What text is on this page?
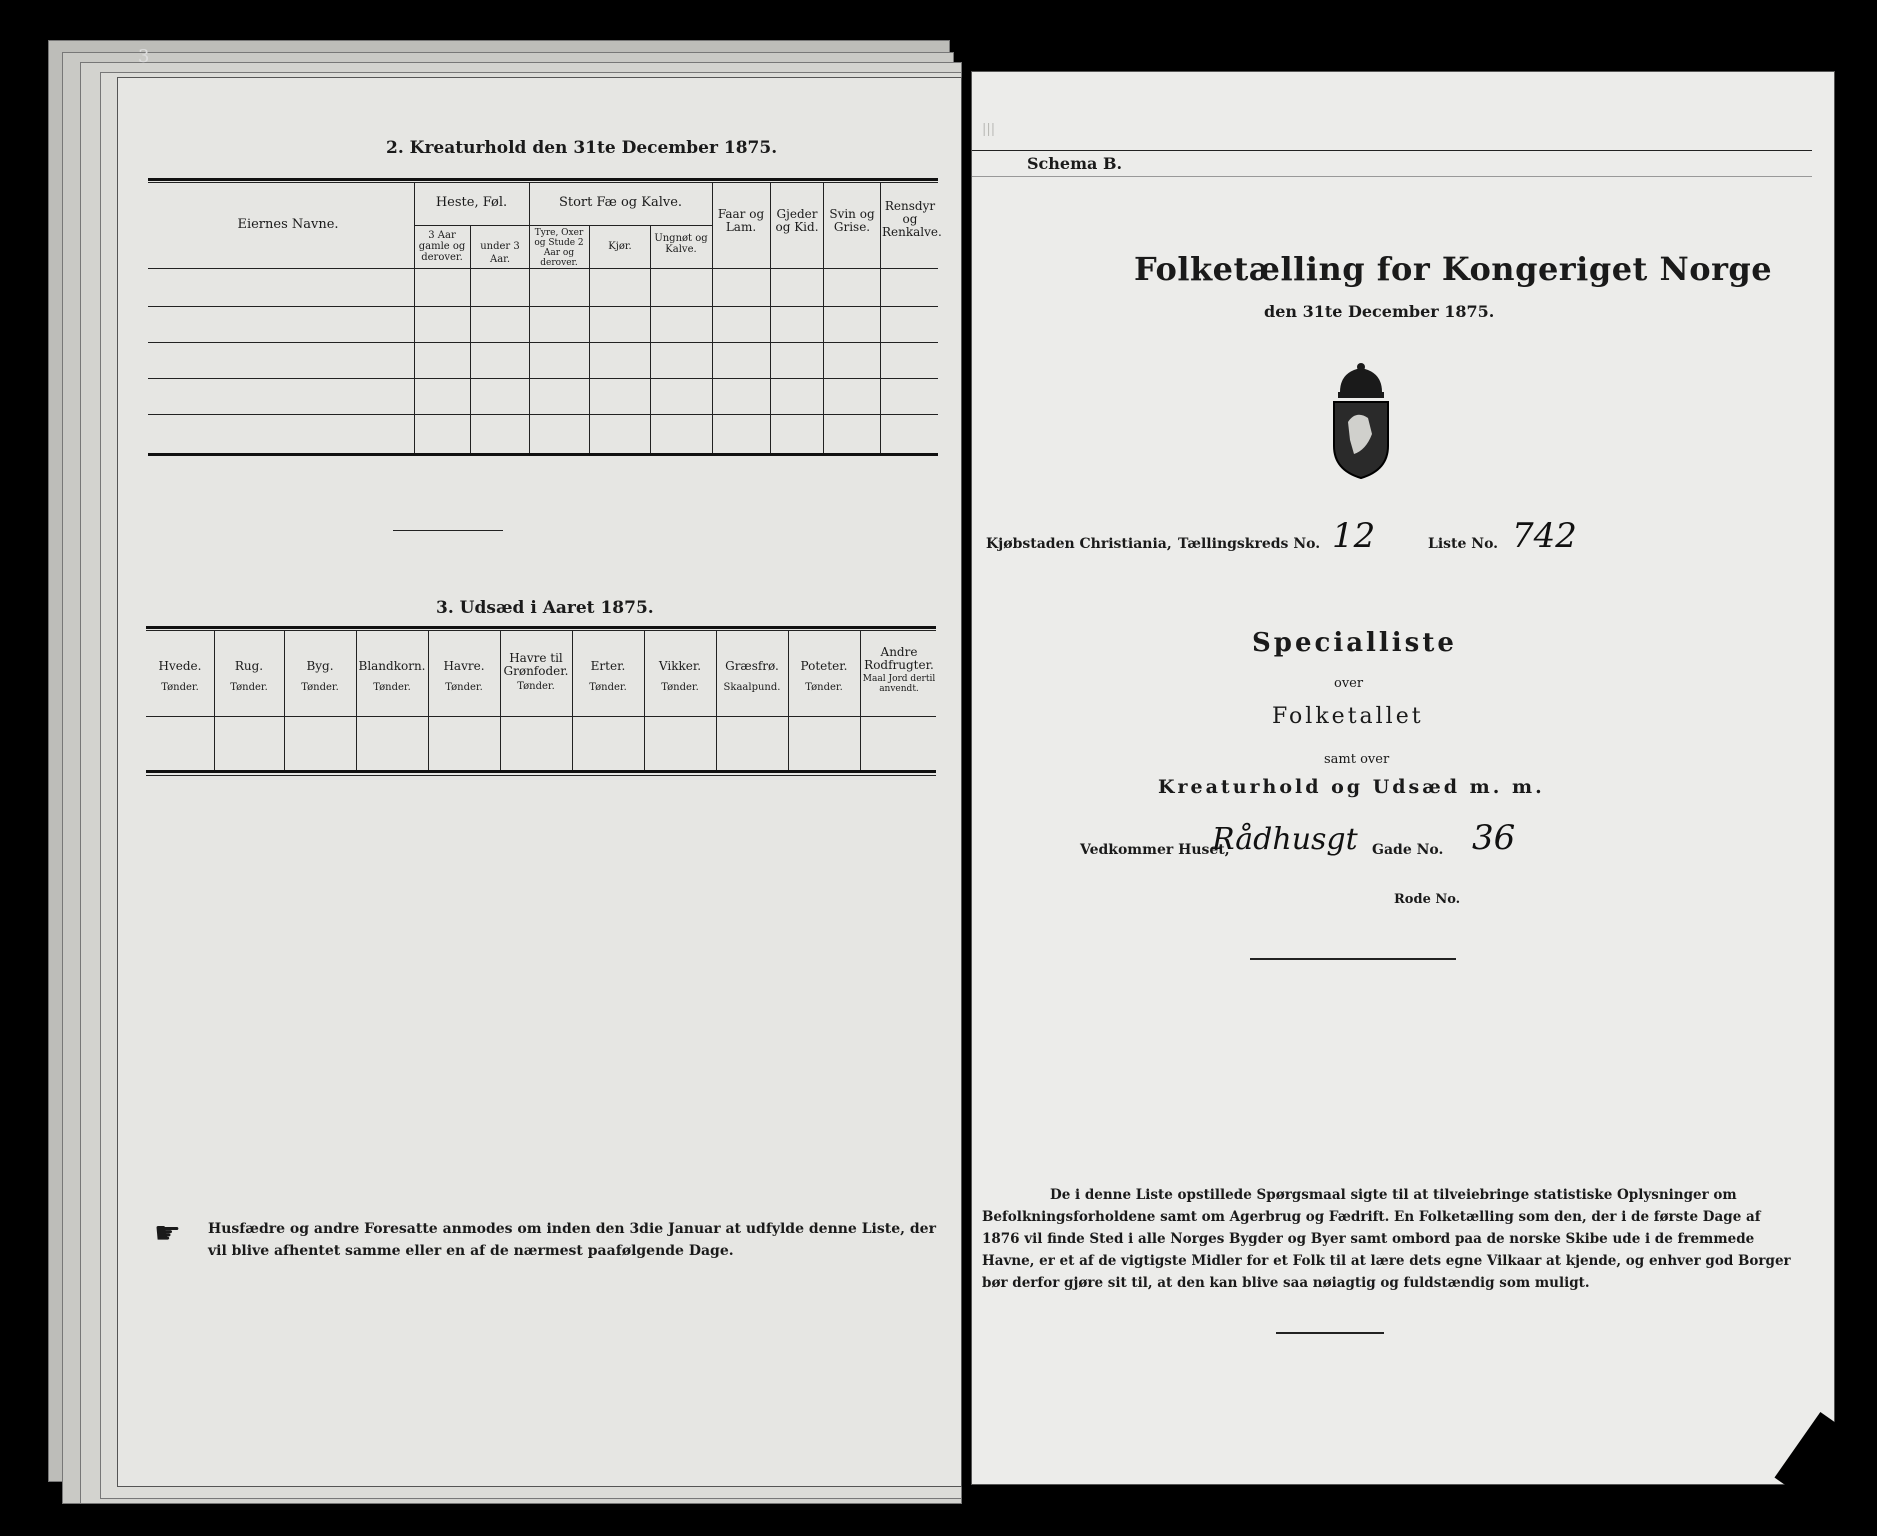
3
2. Kreaturhold den 31te December 1875.
Eiernes Navne.
Heste, Føl.
3 Aar gamle og derover.
under 3 Aar.
Stort Fæ og Kalve.
Tyre, Oxer og Stude 2 Aar og derover.
Kjør.
Ungnøt og Kalve.
Faar og Lam.
Gjeder og Kid.
Svin og Grise.
Rensdyr og Renkalve.
3. Udsæd i Aaret 1875.
Hvede.
Tønder.
Rug.
Tønder.
Byg.
Tønder.
Blandkorn.
Tønder.
Havre.
Tønder.
Havre til Grønfoder.
Tønder.
Erter.
Tønder.
Vikker.
Tønder.
Græsfrø.
Skaalpund.
Poteter.
Tønder.
Andre Rodfrugter.
Maal Jord dertil anvendt.
☛ Husfædre og andre Foresatte anmodes om inden den 3die Januar at udfylde denne Liste, der vil blive afhentet samme eller en af de nærmest paafølgende Dage.
|||
Schema B.
Folketælling for Kongeriget Norge
den 31te December 1875.
Kjøbstaden Christiania, Tællingskreds No. 12	Liste No. 742
Specialliste
over
Folketallet
samt over
Kreaturhold og Udsæd m. m.
Vedkommer Huset,
Rådhusgt Gade No. 36
Rode No.
De i denne Liste opstillede Spørgsmaal sigte til at tilveiebringe statistiske Oplysninger om Befolkningsforholdene samt om Agerbrug og Fædrift. En Folketælling som den, der i de første Dage af 1876 vil finde Sted i alle Norges Bygder og Byer samt ombord paa de norske Skibe ude i de fremmede Havne, er et af de vigtigste Midler for et Folk til at lære dets egne Vilkaar at kjende, og enhver god Borger bør derfor gjøre sit til, at den kan blive saa nøiagtig og fuldstændig som muligt.
